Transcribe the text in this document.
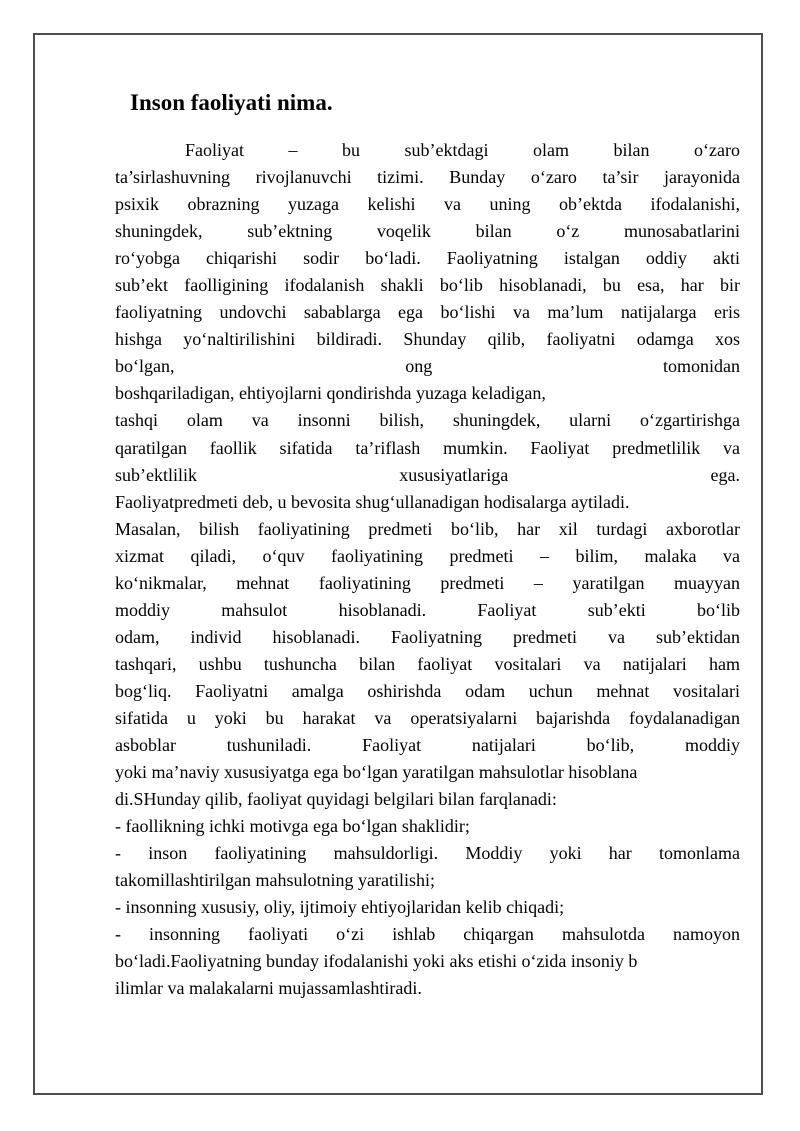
Inson faoliyati nima.
Faoliyat – bu sub’ektdagi olam bilan o‘zaro
ta’sirlashuvning rivojlanuvchi tizimi. Bunday o‘zaro ta’sir jarayonida
psixik obrazning yuzaga kelishi va uning ob’ektda ifodalanishi,
shuningdek, sub’ektning voqelik bilan o‘z munosabatlarini
ro‘yobga chiqarishi sodir bo‘ladi. Faoliyatning istalgan oddiy akti
sub’ekt faolligining ifodalanish shakli bo‘lib hisoblanadi, bu esa, har bir
faoliyatning undovchi sabablarga ega bo‘lishi va ma’lum natijalarga eris
hishga yo‘naltirilishini bildiradi. Shunday qilib, faoliyatni odamga xos
bo‘lgan, ong tomonidan
boshqariladigan, ehtiyojlarni qondirishda yuzaga keladigan,
tashqi olam va insonni bilish, shuningdek, ularni o‘zgartirishga
qaratilgan faollik sifatida ta’riflash mumkin. Faoliyat predmetlilik va
sub’ektlilik xususiyatlariga ega.
Faoliyatpredmeti deb, u bevosita shug‘ullanadigan hodisalarga aytiladi.
Masalan, bilish faoliyatining predmeti bo‘lib, har xil turdagi axborotlar
xizmat qiladi, o‘quv faoliyatining predmeti – bilim, malaka va
ko‘nikmalar, mehnat faoliyatining predmeti – yaratilgan muayyan
moddiy mahsulot hisoblanadi. Faoliyat sub’ekti bo‘lib
odam, individ hisoblanadi. Faoliyatning predmeti va sub’ektidan
tashqari, ushbu tushuncha bilan faoliyat vositalari va natijalari ham
bog‘liq. Faoliyatni amalga oshirishda odam uchun mehnat vositalari
sifatida u yoki bu harakat va operatsiyalarni bajarishda foydalanadigan
asboblar tushuniladi. Faoliyat natijalari bo‘lib, moddiy
yoki ma’naviy xususiyatga ega bo‘lgan yaratilgan mahsulotlar hisoblana
di.SHunday qilib, faoliyat quyidagi belgilari bilan farqlanadi:
- faollikning ichki motivga ega bo‘lgan shaklidir;
- inson faoliyatining mahsuldorligi. Moddiy yoki har tomonlama
takomillashtirilgan mahsulotning yaratilishi;
- insonning xususiy, oliy, ijtimoiy ehtiyojlaridan kelib chiqadi;
- insonning faoliyati o‘zi ishlab chiqargan mahsulotda namoyon
bo‘ladi.Faoliyatning bunday ifodalanishi yoki aks etishi o‘zida insoniy b
ilimlar va malakalarni mujassamlashtiradi.
